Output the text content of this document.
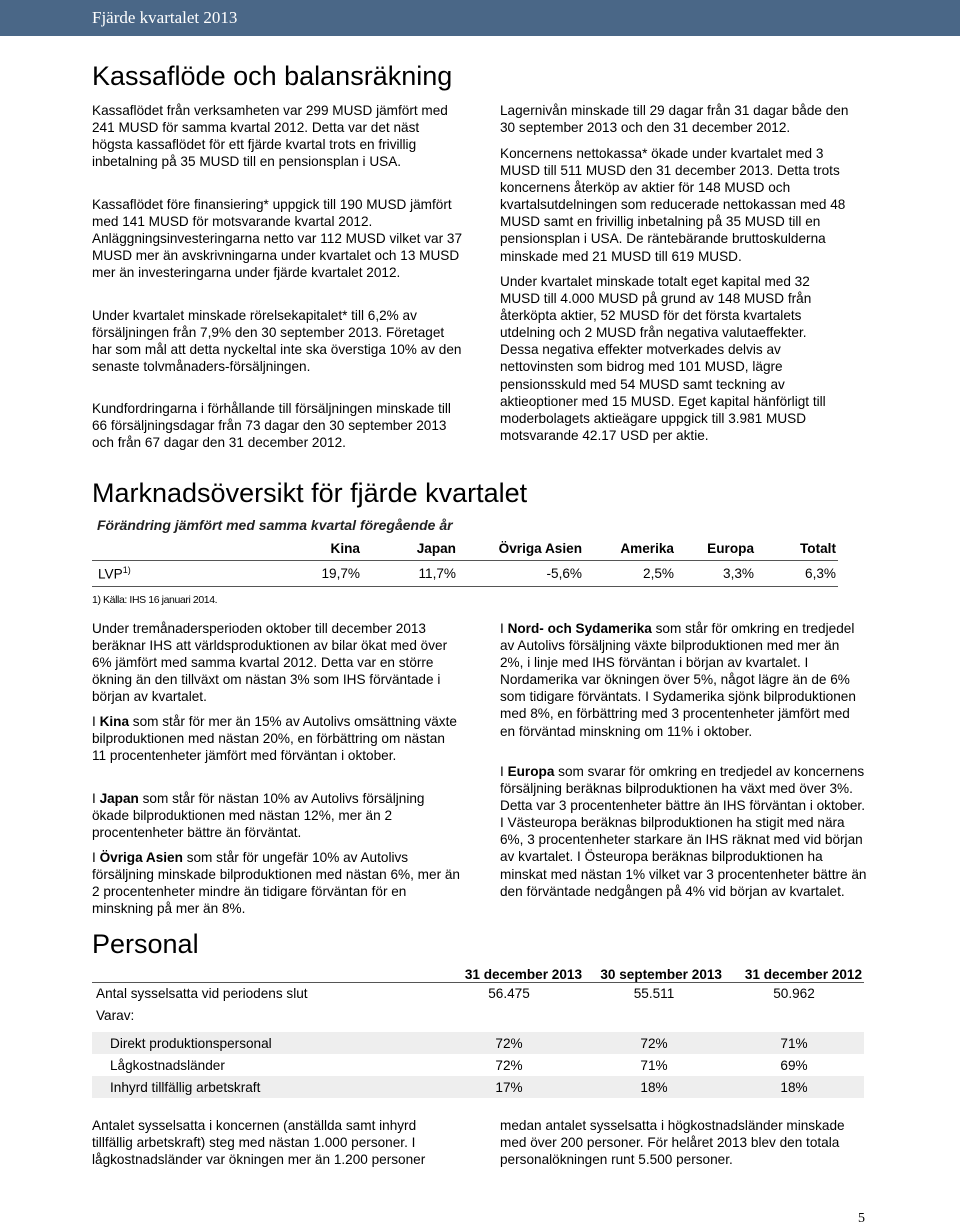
Fjärde kvartalet 2013
Kassaflöde och balansräkning

Kassaflödet från verksamheten var 299 MUSD jämfört med 241 MUSD för samma kvartal 2012. Detta var det näst högsta kassaflödet för ett fjärde kvartal trots en frivillig inbetalning på 35 MUSD till en pensionsplan i USA.

Kassaflödet före finansiering* uppgick till 190 MUSD jämfört med 141 MUSD för motsvarande kvartal 2012. Anläggningsinvesteringarna netto var 112 MUSD vilket var 37 MUSD mer än avskrivningarna under kvartalet och 13 MUSD mer än investeringarna under fjärde kvartalet 2012.

Under kvartalet minskade rörelsekapitalet* till 6,2% av försäljningen från 7,9% den 30 september 2013. Företaget har som mål att detta nyckeltal inte ska överstiga 10% av den senaste tolvmånaders-försäljningen.

Kundfordringarna i förhållande till försäljningen minskade till 66 försäljningsdagar från 73 dagar den 30 september 2013 och från 67 dagar den 31 december 2012.

Lagernivån minskade till 29 dagar från 31 dagar både den 30 september 2013 och den 31 december 2012.

Koncernens nettokassa* ökade under kvartalet med 3 MUSD till 511 MUSD den 31 december 2013. Detta trots koncernens återköp av aktier för 148 MUSD och kvartalsutdelningen som reducerade nettokassan med 48 MUSD samt en frivillig inbetalning på 35 MUSD till en pensionsplan i USA. De räntebärande bruttoskulderna minskade med 21 MUSD till 619 MUSD.

Under kvartalet minskade totalt eget kapital med 32 MUSD till 4.000 MUSD på grund av 148 MUSD från återköpta aktier, 52 MUSD för det första kvartalets utdelning och 2 MUSD från negativa valutaeffekter. Dessa negativa effekter motverkades delvis av nettovinsten som bidrog med 101 MUSD, lägre pensionsskuld med 54 MUSD samt teckning av aktieoptioner med 15 MUSD. Eget kapital hänförligt till moderbolagets aktieägare uppgick till 3.981 MUSD motsvarande 42.17 USD per aktie.

Marknadsöversikt för fjärde kvartalet
Förändring jämfört med samma kvartal föregående år
	Kina	Japan	Övriga Asien	Amerika	Europa	Totalt
LVP$^{1)}$	19,7%	11,7%	-5,6%	2,5%	3,3%	6,3%
1) Källa: IHS 16 januari 2014.

Under tremånadersperioden oktober till december 2013 beräknar IHS att världsproduktionen av bilar ökat med över 6% jämfört med samma kvartal 2012. Detta var en större ökning än den tillväxt om nästan 3% som IHS förväntade i början av kvartalet.

I Kina som står för mer än 15% av Autolivs omsättning växte bilproduktionen med nästan 20%, en förbättring om nästan 11 procentenheter jämfört med förväntan i oktober.

I Japan som står för nästan 10% av Autolivs försäljning ökade bilproduktionen med nästan 12%, mer än 2 procentenheter bättre än förväntat.

I Övriga Asien som står för ungefär 10% av Autolivs försäljning minskade bilproduktionen med nästan 6%, mer än 2 procentenheter mindre än tidigare förväntan för en minskning på mer än 8%.

I Nord- och Sydamerika som står för omkring en tredjedel av Autolivs försäljning växte bilproduktionen med mer än 2%, i linje med IHS förväntan i början av kvartalet. I Nordamerika var ökningen över 5%, något lägre än de 6% som tidigare förväntats. I Sydamerika sjönk bilproduktionen med 8%, en förbättring med 3 procentenheter jämfört med en förväntad minskning om 11% i oktober.

I Europa som svarar för omkring en tredjedel av koncernens försäljning beräknas bilproduktionen ha växt med över 3%. Detta var 3 procentenheter bättre än IHS förväntan i oktober. I Västeuropa beräknas bilproduktionen ha stigit med nära 6%, 3 procentenheter starkare än IHS räknat med vid början av kvartalet. I Östeuropa beräknas bilproduktionen ha minskat med nästan 1% vilket var 3 procentenheter bättre än den förväntade nedgången på 4% vid början av kvartalet.

Personal
	31 december 2013	30 september 2013	31 december 2012
Antal sysselsatta vid periodens slut	56.475	55.511	50.962
Varav:			

Direkt produktionspersonal	72%	72%	71%
Lågkostnadsländer	72%	71%	69%
Inhyrd tillfällig arbetskraft	17%	18%	18%

Antalet sysselsatta i koncernen (anställda samt inhyrd tillfällig arbetskraft) steg med nästan 1.000 personer. I lågkostnadsländer var ökningen mer än 1.200 personer

medan antalet sysselsatta i högkostnadsländer minskade med över 200 personer. För helåret 2013 blev den totala personalökningen runt 5.500 personer.

5
